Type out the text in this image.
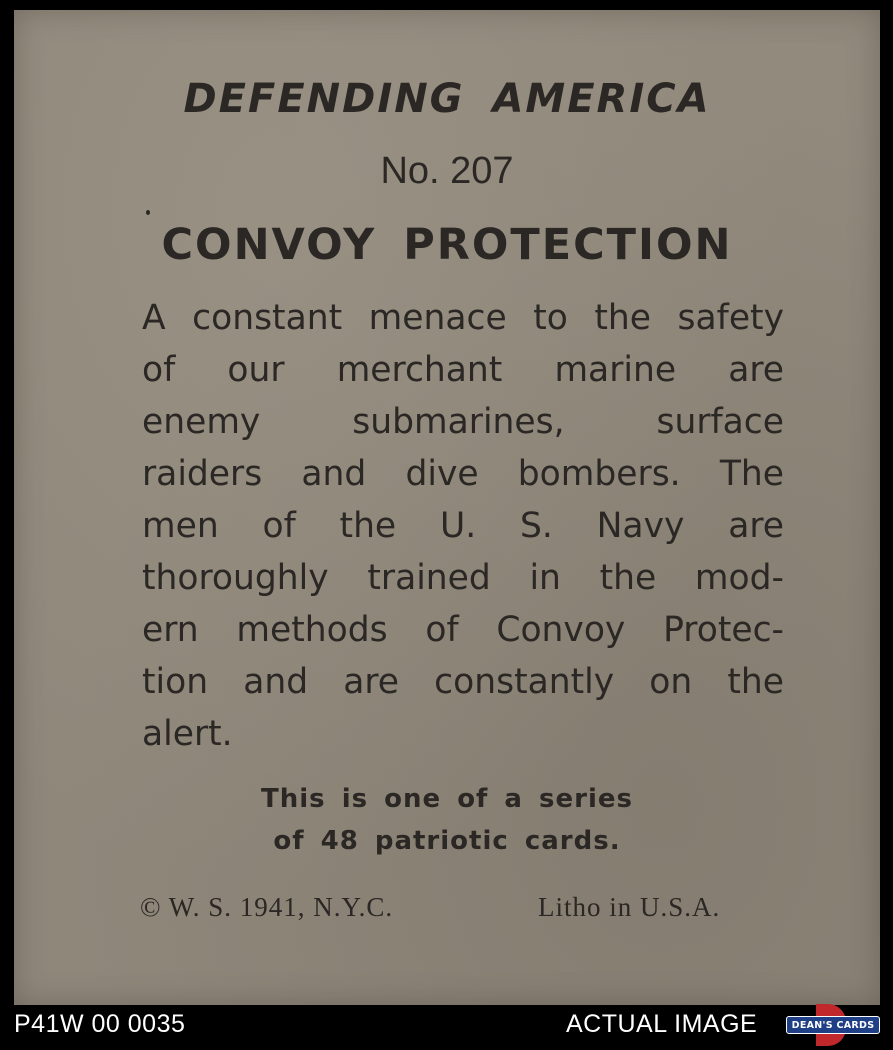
DEFENDING AMERICA
No. 207
CONVOY PROTECTION
A constant menace to the safety
of our merchant marine are
enemy submarines, surface
raiders and dive bombers. The
men of the U. S. Navy are
thoroughly trained in the mod-
ern methods of Convoy Protec-
tion and are constantly on the
alert.
This is one of a series
of 48 patriotic cards.
© W. S. 1941, N.Y.C.	Litho in U.S.A.
P41W 00 0035	ACTUAL IMAGE	DEAN'S CARDS
